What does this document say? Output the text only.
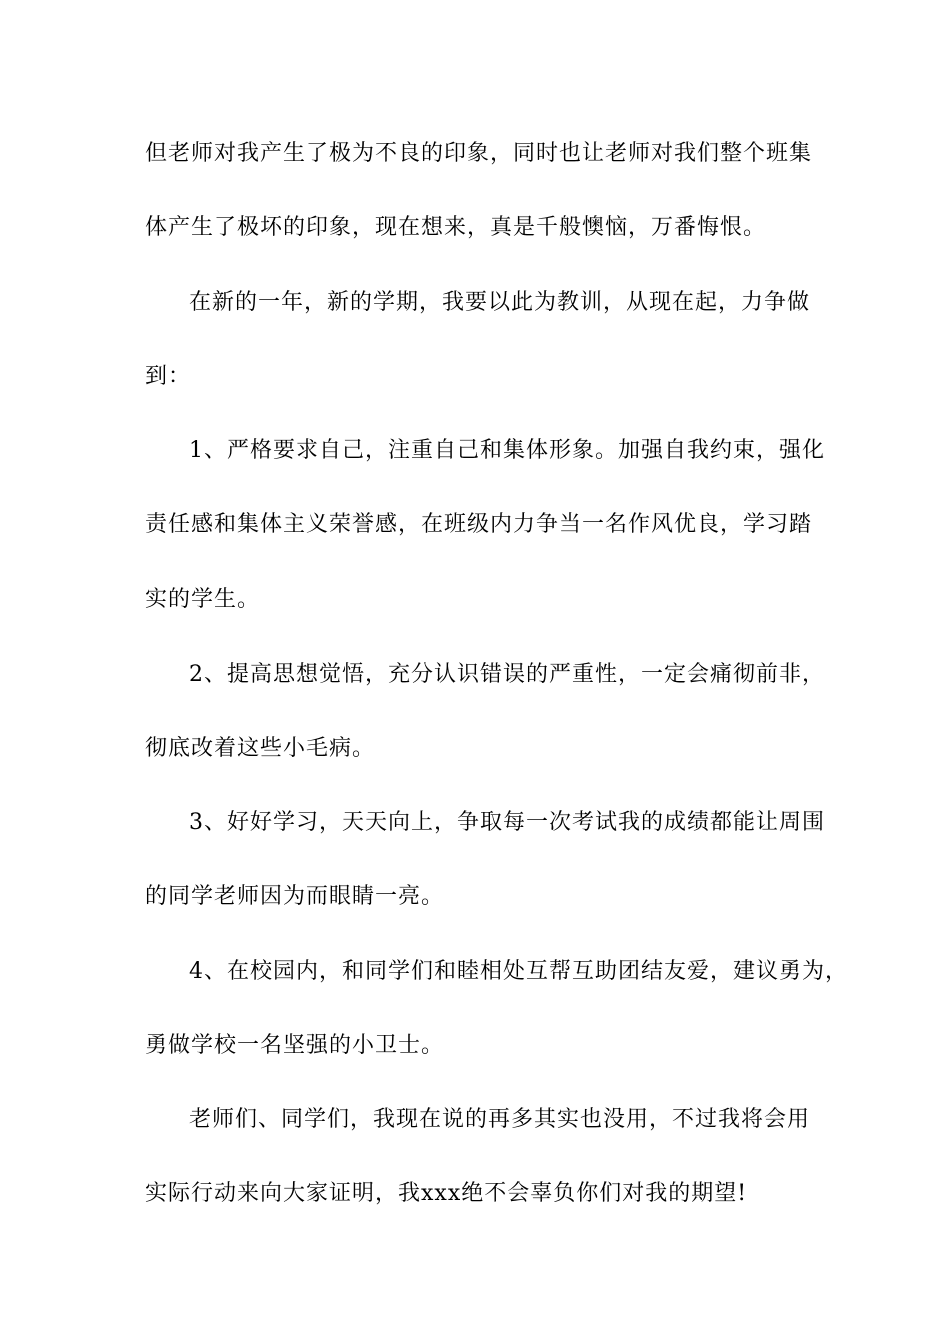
但老师对我产生了极为不良的印象，同时也让老师对我们整个班集
体产生了极坏的印象，现在想来，真是千般懊恼，万番悔恨。
在新的一年，新的学期，我要以此为教训，从现在起，力争做
到：
1、严格要求自己，注重自己和集体形象。加强自我约束，强化
责任感和集体主义荣誉感，在班级内力争当一名作风优良，学习踏
实的学生。
2、提高思想觉悟，充分认识错误的严重性，一定会痛彻前非，
彻底改着这些小毛病。
3、好好学习，天天向上，争取每一次考试我的成绩都能让周围
的同学老师因为而眼睛一亮。
4、在校园内，和同学们和睦相处互帮互助团结友爱，建议勇为，
勇做学校一名坚强的小卫士。
老师们、同学们，我现在说的再多其实也没用，不过我将会用
实际行动来向大家证明，我xxx绝不会辜负你们对我的期望!
